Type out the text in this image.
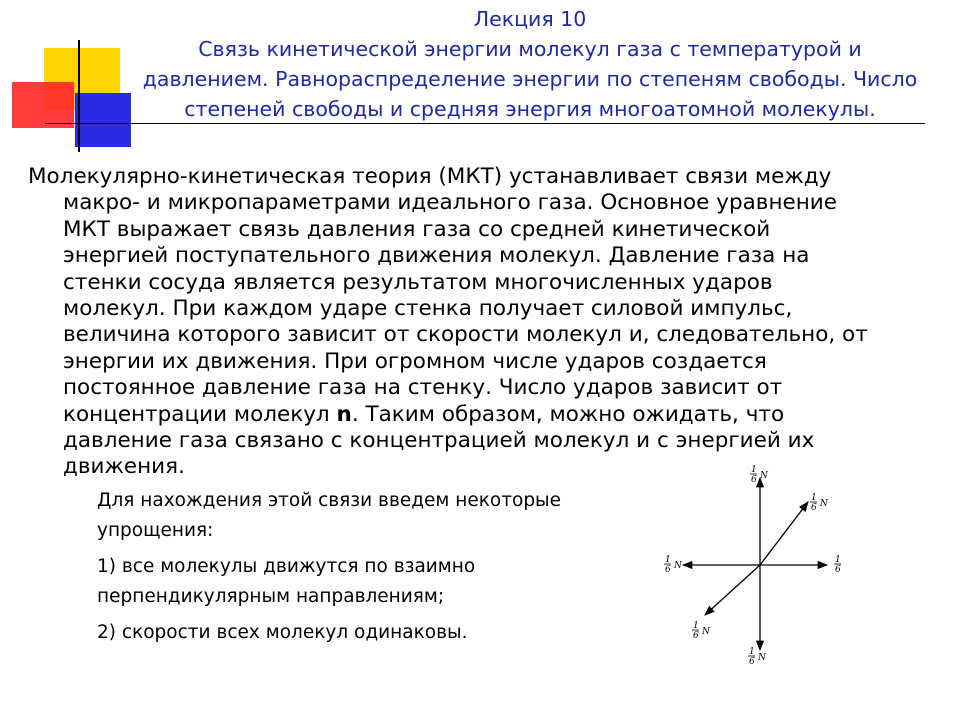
Лекция 10
Связь кинетической энергии молекул газа с температурой и
давлением. Равнораспределение энергии по степеням свободы. Число
степеней свободы и средняя энергия многоатомной молекулы.
Молекулярно-кинетическая теория (МКТ) устанавливает связи между
макро- и микропараметрами идеального газа. Основное уравнение
МКТ выражает связь давления газа со средней кинетической
энергией поступательного движения молекул. Давление газа на
стенки сосуда является результатом многочисленных ударов
молекул. При каждом ударе стенка получает силовой импульс,
величина которого зависит от скорости молекул и, следовательно, от
энергии их движения. При огромном числе ударов создается
постоянное давление газа на стенку. Число ударов зависит от
концентрации молекул n. Таким образом, можно ожидать, что
давление газа связано с концентрацией молекул и с энергией их
движения.
Для нахождения этой связи введем некоторые
упрощения:
1) все молекулы движутся по взаимно
перпендикулярным направлениям;
2) скорости всех молекул одинаковы.
1
6 N
1
6 N
1
6 N
1
6
1
6 N
1
6 N
